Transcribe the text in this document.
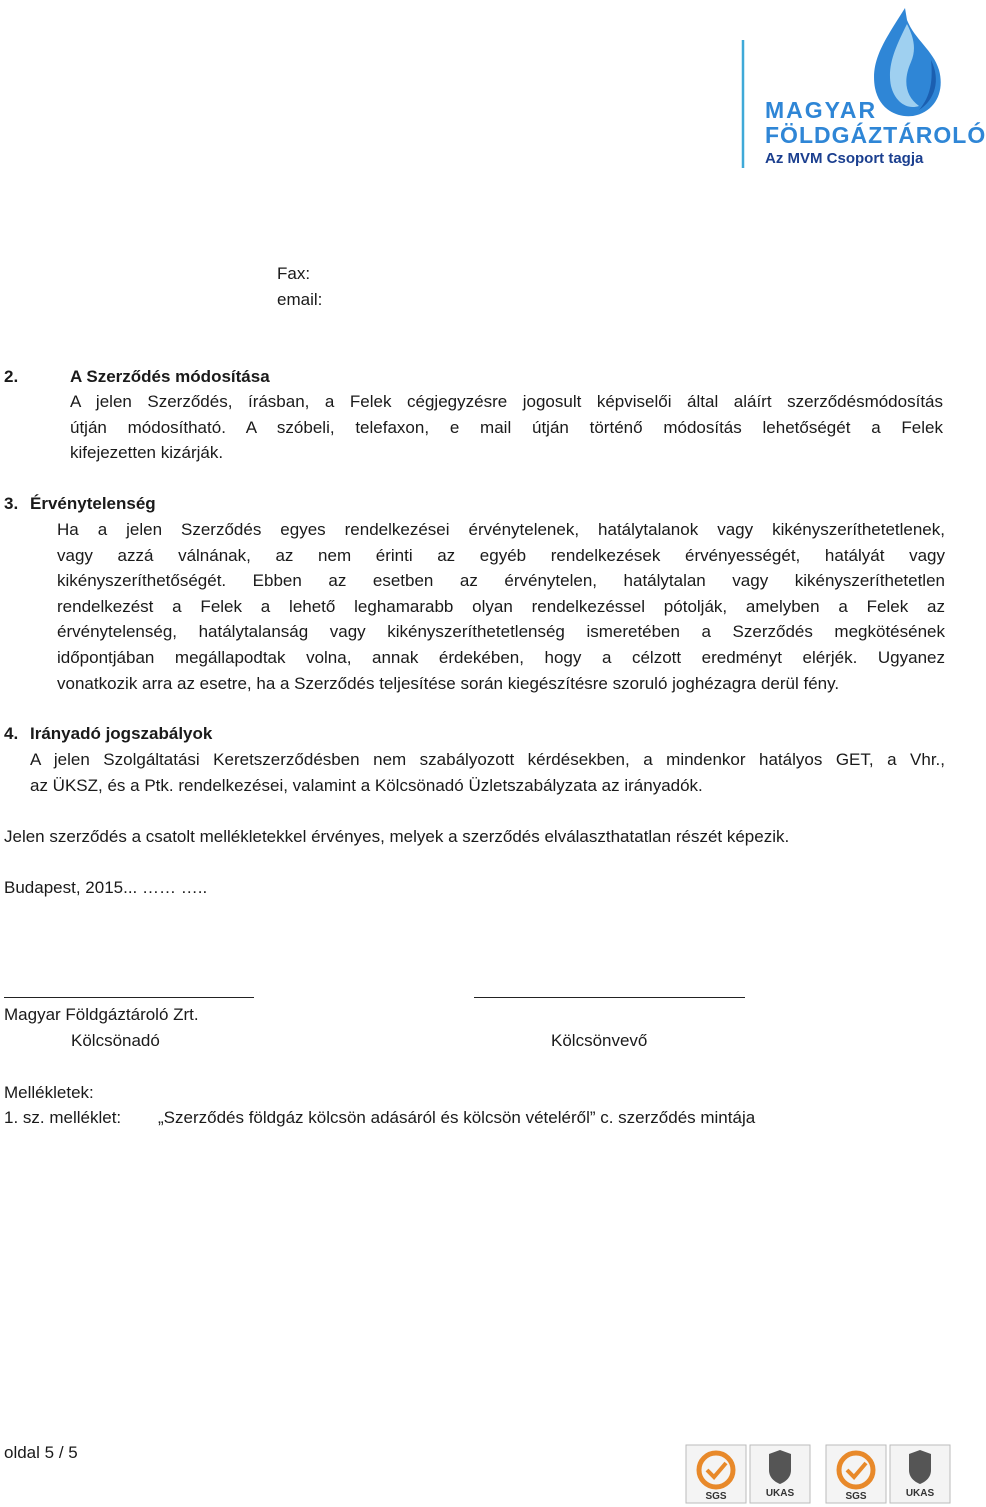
MAGYAR
FÖLDGÁZTÁROLÓ
Az MVM Csoport tagja
Fax:
email:
2.	A Szerződés módosítása
A jelen Szerződés, írásban, a Felek cégjegyzésre jogosult képviselői által aláírt szerződésmódosítás
útján módosítható. A szóbeli, telefaxon, e mail útján történő módosítás lehetőségét a Felek
kifejezetten kizárják.
3. Érvénytelenség
Ha a jelen Szerződés egyes rendelkezései érvénytelenek, hatálytalanok vagy kikényszeríthetetlenek,
vagy azzá válnának, az nem érinti az egyéb rendelkezések érvényességét, hatályát vagy
kikényszeríthetőségét. Ebben az esetben az érvénytelen, hatálytalan vagy kikényszeríthetetlen
rendelkezést a Felek a lehető leghamarabb olyan rendelkezéssel pótolják, amelyben a Felek az
érvénytelenség, hatálytalanság vagy kikényszeríthetetlenség ismeretében a Szerződés megkötésének
időpontjában megállapodtak volna, annak érdekében, hogy a célzott eredményt elérjék. Ugyanez
vonatkozik arra az esetre, ha a Szerződés teljesítése során kiegészítésre szoruló joghézagra derül fény.
4. Irányadó jogszabályok
A jelen Szolgáltatási Keretszerződésben nem szabályozott kérdésekben, a mindenkor hatályos GET, a Vhr.,
az ÜKSZ, és a Ptk. rendelkezései, valamint a Kölcsönadó Üzletszabályzata az irányadók.
Jelen szerződés a csatolt mellékletekkel érvényes, melyek a szerződés elválaszthatatlan részét képezik.
Budapest, 2015... …… …..
Magyar Földgáztároló Zrt.
Kölcsönadó	Kölcsönvevő
Mellékletek:
1. sz. melléklet: „Szerződés földgáz kölcsön adásáról és kölcsön vételéről” c. szerződés mintája
oldal 5 / 5
SGS	UKAS	SGS	UKAS
